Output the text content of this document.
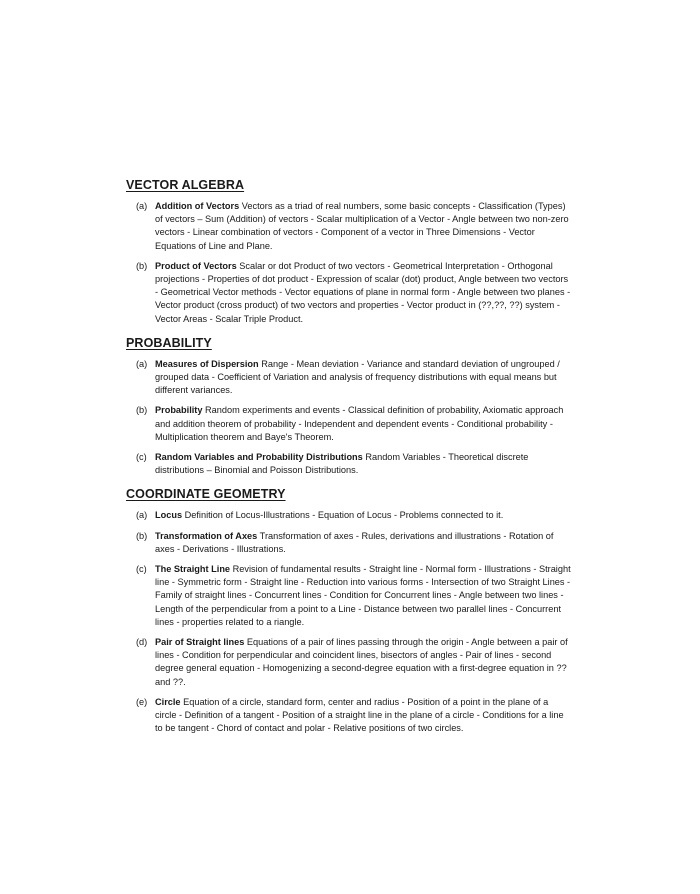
VECTOR ALGEBRA
(a) Addition of Vectors Vectors as a triad of real numbers, some basic concepts - Classification (Types) of vectors – Sum (Addition) of vectors - Scalar multiplication of a Vector - Angle between two non-zero vectors - Linear combination of vectors - Component of a vector in Three Dimensions - Vector Equations of Line and Plane.
(b) Product of Vectors Scalar or dot Product of two vectors - Geometrical Interpretation - Orthogonal projections - Properties of dot product - Expression of scalar (dot) product, Angle between two vectors - Geometrical Vector methods - Vector equations of plane in normal form - Angle between two planes - Vector product (cross product) of two vectors and properties - Vector product in (??,??, ??) system - Vector Areas - Scalar Triple Product.
PROBABILITY
(a) Measures of Dispersion Range - Mean deviation - Variance and standard deviation of ungrouped / grouped data - Coefficient of Variation and analysis of frequency distributions with equal means but different variances.
(b) Probability Random experiments and events - Classical definition of probability, Axiomatic approach and addition theorem of probability - Independent and dependent events - Conditional probability - Multiplication theorem and Baye's Theorem.
(c) Random Variables and Probability Distributions Random Variables - Theoretical discrete distributions – Binomial and Poisson Distributions.
COORDINATE GEOMETRY
(a) Locus Definition of Locus-Illustrations - Equation of Locus - Problems connected to it.
(b) Transformation of Axes Transformation of axes - Rules, derivations and illustrations - Rotation of axes - Derivations - Illustrations.
(c) The Straight Line Revision of fundamental results - Straight line - Normal form - Illustrations - Straight line - Symmetric form - Straight line - Reduction into various forms - Intersection of two Straight Lines - Family of straight lines - Concurrent lines - Condition for Concurrent lines - Angle between two lines - Length of the perpendicular from a point to a Line - Distance between two parallel lines - Concurrent lines - properties related to a riangle.
(d) Pair of Straight lines Equations of a pair of lines passing through the origin - Angle between a pair of lines - Condition for perpendicular and coincident lines, bisectors of angles - Pair of lines - second degree general equation - Homogenizing a second-degree equation with a first-degree equation in ?? and ??.
(e) Circle Equation of a circle, standard form, center and radius - Position of a point in the plane of a circle - Definition of a tangent - Position of a straight line in the plane of a circle - Conditions for a line to be tangent - Chord of contact and polar - Relative positions of two circles.
